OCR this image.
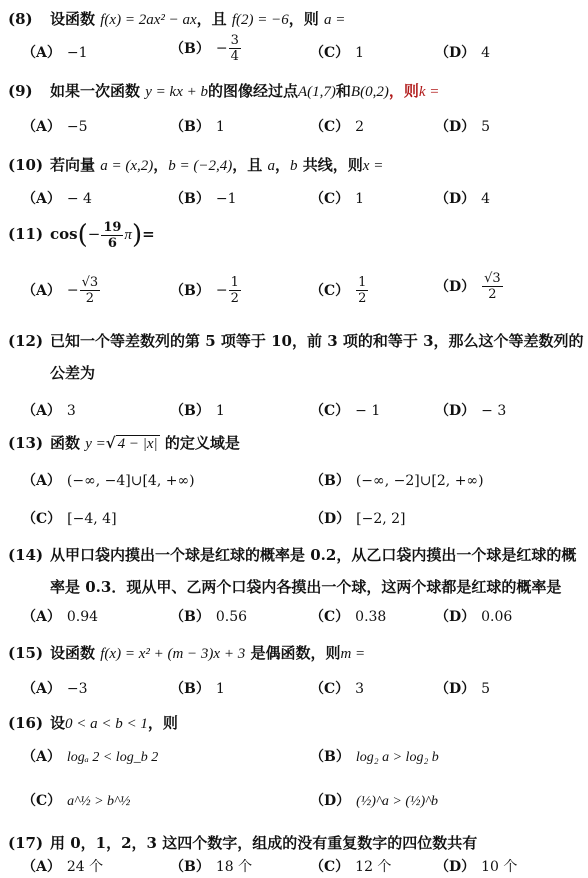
(8) 设函数 f(x) = 2ax² − ax，且 f(2) = −6，则 a =
（A） −1	$(B) - \frac{3}{4}$	（C） 1	（D） 4
(9) 如果一次函数 y = kx + b的图像经过点A(1,7)和B(0,2)，则k =
（A） −5	（B） 1	（C） 2	（D） 5
(10) 若向量 a = (x,2)，b = (−2,4)，且 a，b 共线，则x =
（A） − 4	（B） −1	（C） 1	（D） 4
(11) $\cos(- \frac{19}{6} \pi)=$
$(A) - \frac{√3}{2}$	$(B) - \frac{1}{2}$	$(C) \frac{1}{2}$	$(D) \frac{√3}{2}$
(12) 已知一个等差数列的第 5 项等于 10，前 3 项的和等于 3，那么这个等差数列的
公差为
（A） 3	（B） 1	（C） − 1	（D） − 3
(13) 函数 y =√ 4 − |x| 的定义域是
（A） (−∞, −4]∪[4, +∞)	（B） (−∞, −2]∪[2, +∞)
（C） [−4, 4]	（D） [−2, 2]
(14) 从甲口袋内摸出一个球是红球的概率是 0.2，从乙口袋内摸出一个球是红球的概
率是 0.3．现从甲、乙两个口袋内各摸出一个球，这两个球都是红球的概率是
（A） 0.94	（B） 0.56	（C） 0.38	（D） 0.06
(15) 设函数 f(x) = x² + (m − 3)x + 3 是偶函数，则m =
（A） −3	（B） 1	（C） 3	（D） 5
(16) 设0 < a < b < 1，则
（A） logₐ 2 < log_b 2	（B） log₂ a > log₂ b
（C） a^½ > b^½	（D） (½)^a > (½)^b
(17) 用 0，1，2，3 这四个数字，组成的没有重复数字的四位数共有
（A） 24 个	（B） 18 个	（C） 12 个	（D） 10 个
